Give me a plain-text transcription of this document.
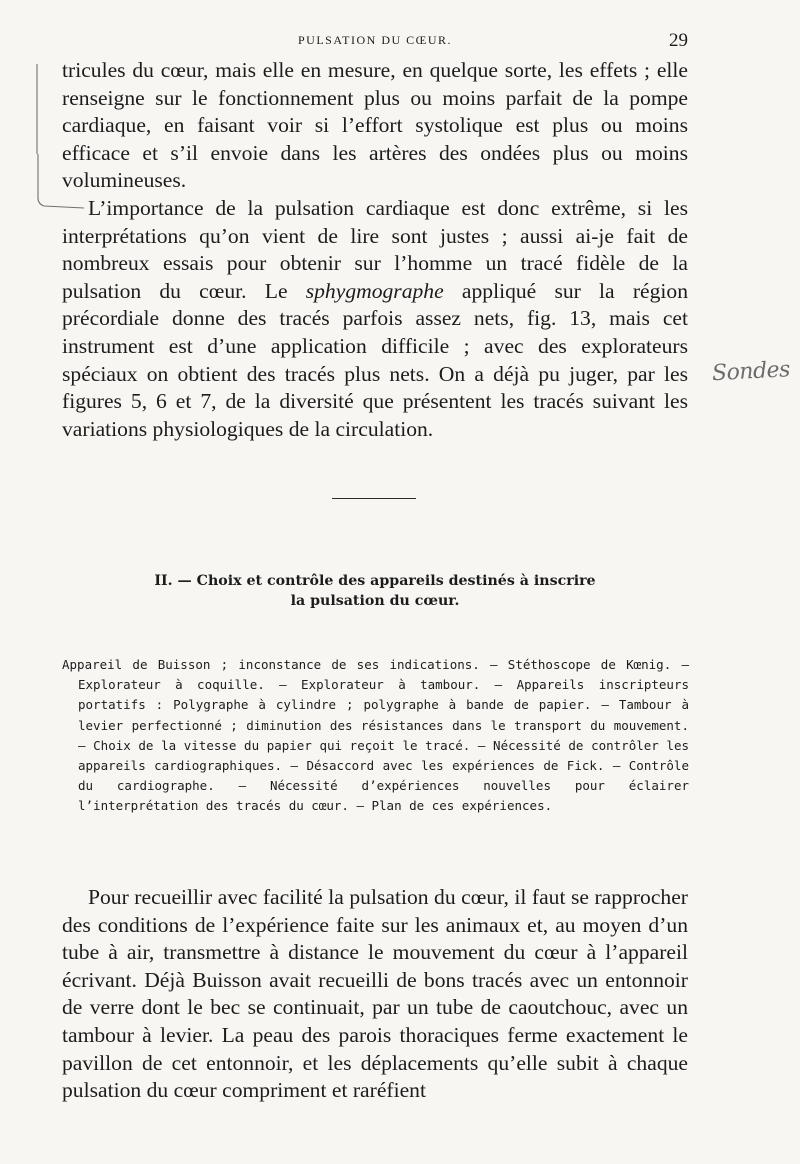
PULSATION DU CŒUR.	29

tricules du cœur, mais elle en mesure, en quelque sorte, les effets ; elle renseigne sur le fonctionnement plus ou moins parfait de la pompe cardiaque, en faisant voir si l’effort systolique est plus ou moins efficace et s’il envoie dans les artères des ondées plus ou moins volumineuses.

L’importance de la pulsation cardiaque est donc extrême, si les interprétations qu’on vient de lire sont justes ; aussi ai-je fait de nombreux essais pour obtenir sur l’homme un tracé fidèle de la pulsation du cœur. Le sphygmographe appliqué sur la région précordiale donne des tracés parfois assez nets, fig. 13, mais cet instrument est d’une application difficile ; avec des explorateurs spéciaux on obtient des tracés plus nets. On a déjà pu juger, par les figures 5, 6 et 7, de la diversité que présentent les tracés suivant les variations physiologiques de la circulation.

Sondes
II. — Choix et contrôle des appareils destinés à inscrire
la pulsation du cœur.

Appareil de Buisson ; inconstance de ses indications. — Stéthoscope de Kœnig. — Explorateur à coquille. — Explorateur à tambour. — Appareils inscripteurs portatifs : Polygraphe à cylindre ; polygraphe à bande de papier. — Tambour à levier perfectionné ; diminution des résistances dans le transport du mouvement. — Choix de la vitesse du papier qui reçoit le tracé. — Nécessité de contrôler les appareils cardiographiques. — Désaccord avec les expériences de Fick. — Contrôle du cardiographe. — Nécessité d’expériences nouvelles pour éclairer l’interprétation des tracés du cœur. — Plan de ces expériences.

Pour recueillir avec facilité la pulsation du cœur, il faut se rapprocher des conditions de l’expérience faite sur les animaux et, au moyen d’un tube à air, transmettre à distance le mouvement du cœur à l’appareil écrivant. Déjà Buisson avait recueilli de bons tracés avec un entonnoir de verre dont le bec se continuait, par un tube de caoutchouc, avec un tambour à levier. La peau des parois thoraciques ferme exactement le pavillon de cet entonnoir, et les déplacements qu’elle subit à chaque pulsation du cœur compriment et raréfient
